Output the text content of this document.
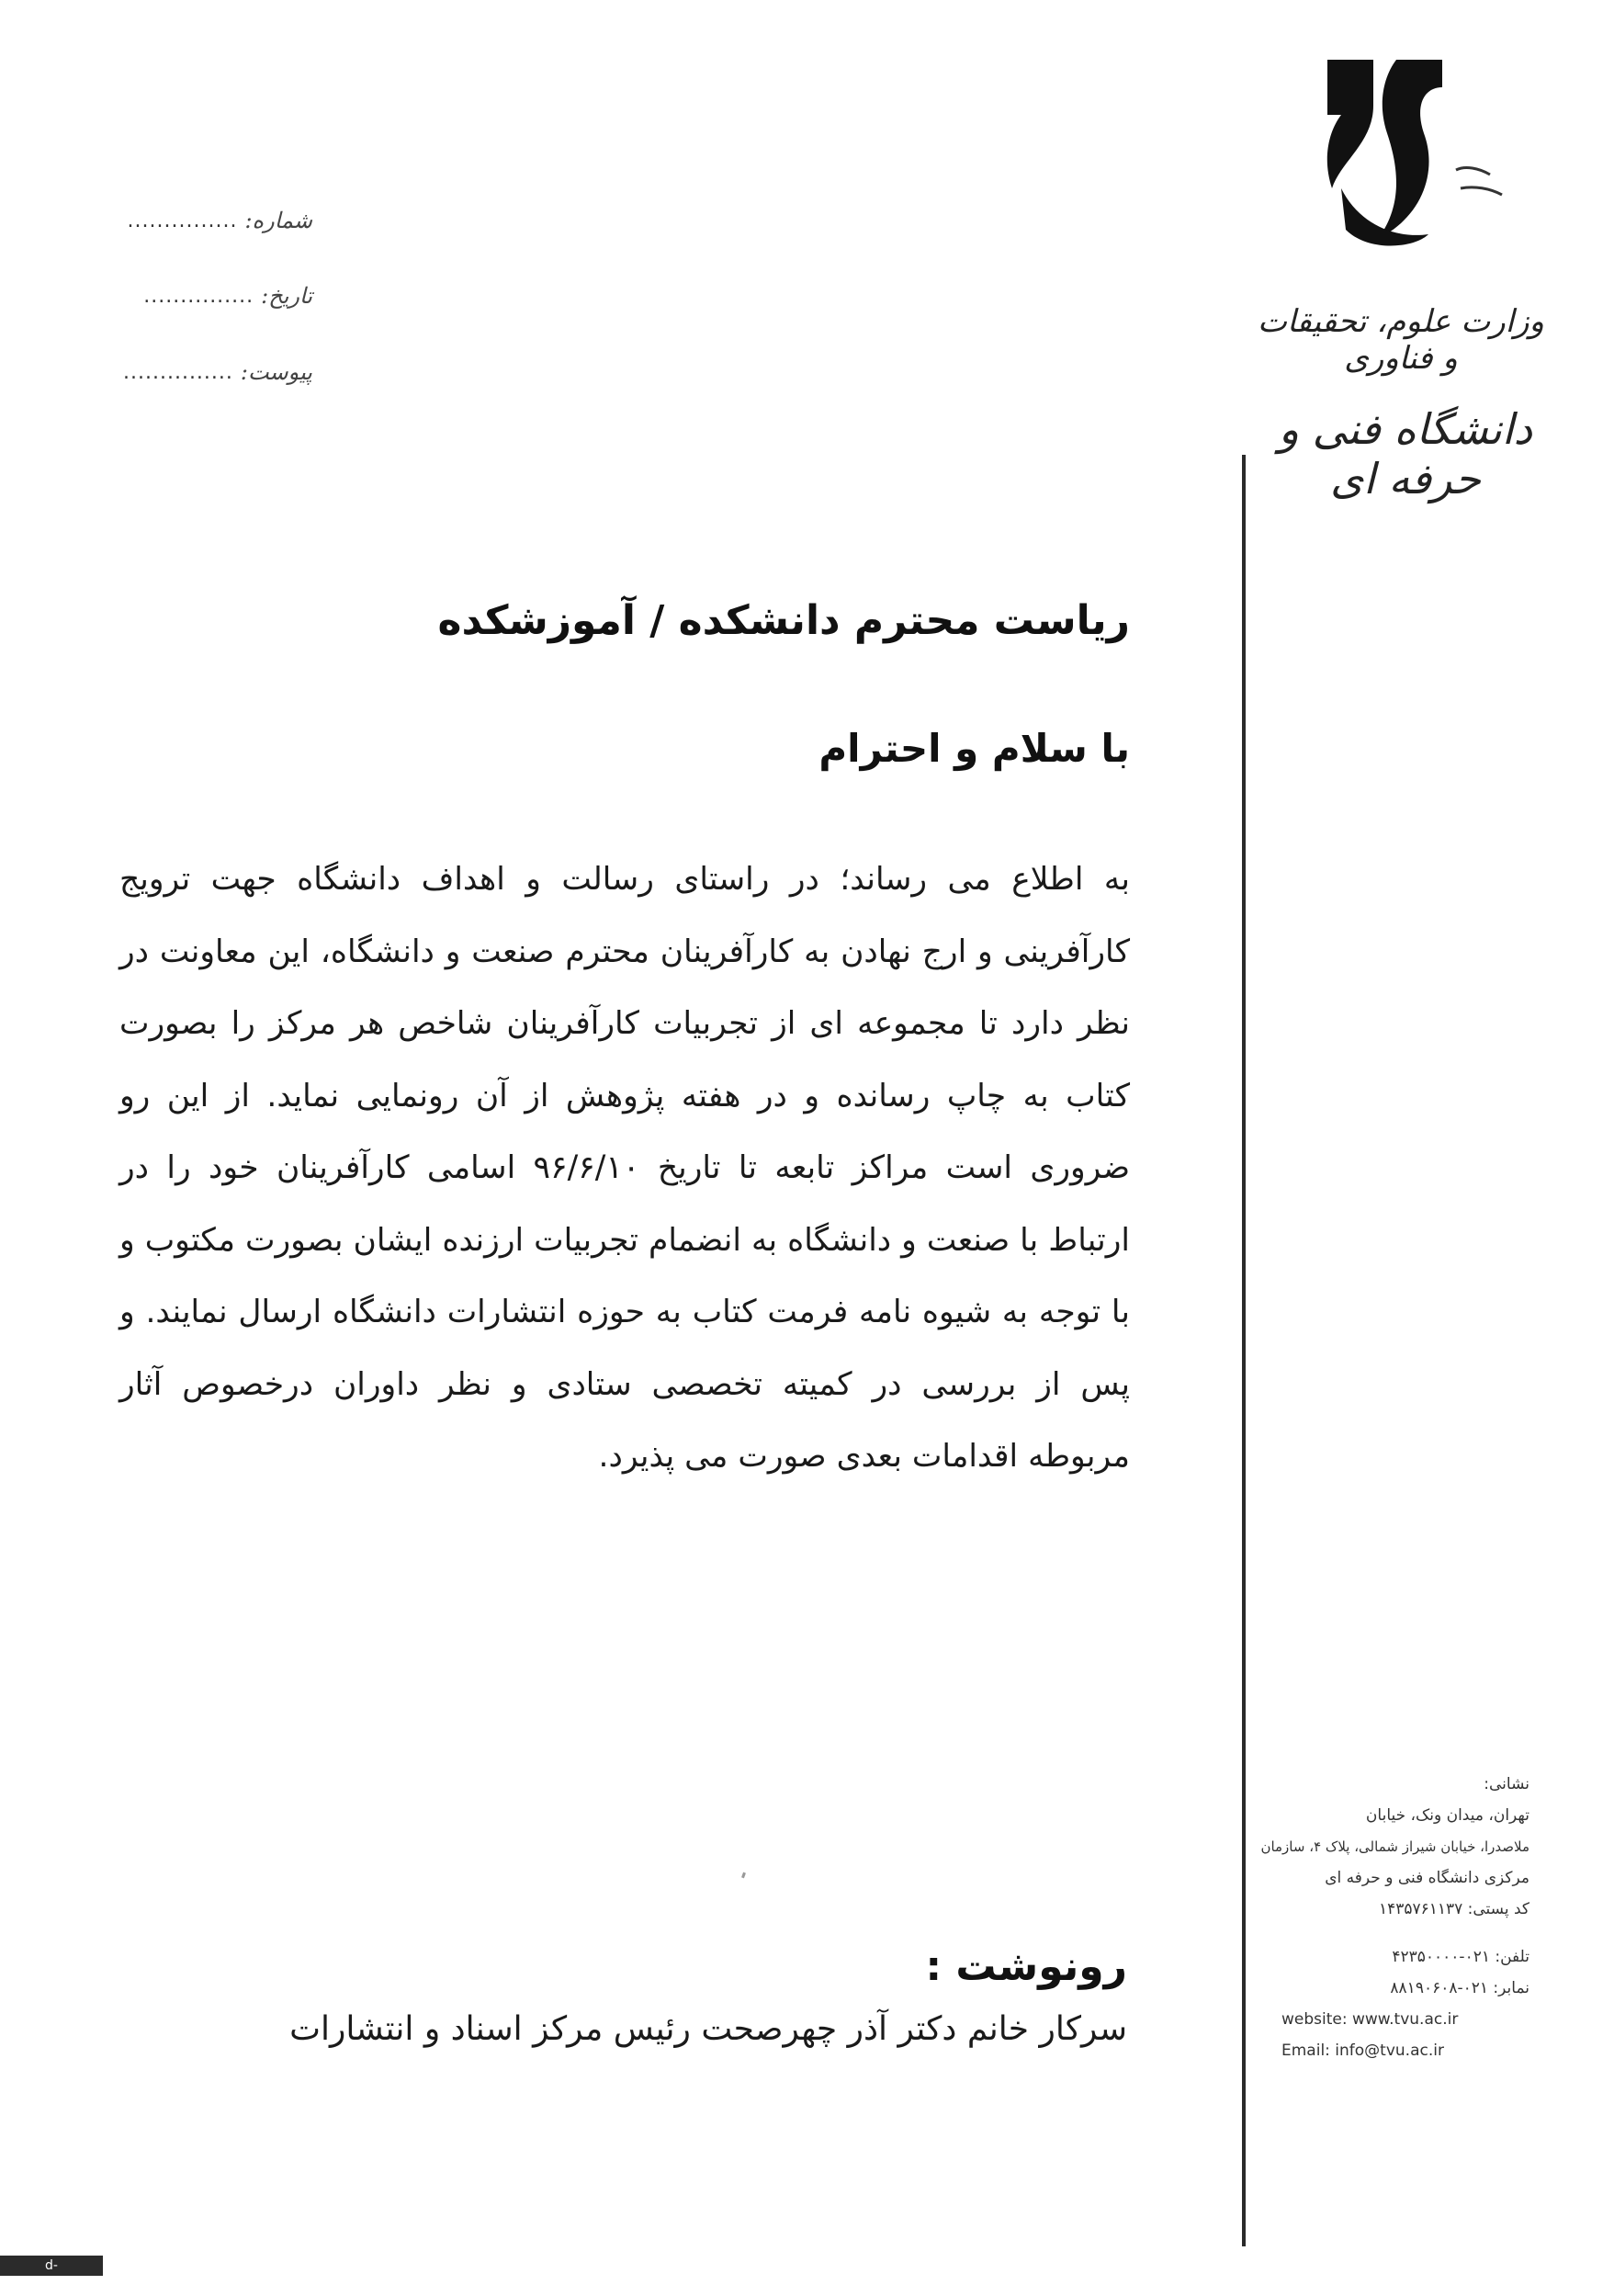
وزارت علوم، تحقیقات و فناوری
دانشگاه فنی و حرفه ای
شماره:
...............
تاریخ:
...............
پیوست:
...............
ریاست محترم دانشکده / آموزشکده
با سلام و احترام
به اطلاع می رساند؛ در راستای رسالت و اهداف دانشگاه جهت ترویج کارآفرینی و ارج نهادن به کارآفرینان محترم صنعت و دانشگاه، این معاونت در نظر دارد تا مجموعه ای از تجربیات کارآفرینان شاخص هر مرکز را بصورت کتاب به چاپ رسانده و در هفته پژوهش از آن رونمایی نماید. از این رو ضروری است مراکز تابعه تا تاریخ ۹۶/۶/۱۰ اسامی کارآفرینان خود را در ارتباط با صنعت و دانشگاه به انضمام تجربیات ارزنده ایشان بصورت مکتوب و با توجه به شیوه نامه فرمت کتاب به حوزه انتشارات دانشگاه ارسال نمایند. و پس از بررسی در کمیته تخصصی ستادی و نظر داوران درخصوص آثار مربوطه اقدامات بعدی صورت می پذیرد.
رونوشت :
سرکار خانم دکتر آذر چهرصحت رئیس مرکز اسناد و انتشارات
نشانی:
تهران، میدان ونک، خیابان
ملاصدرا، خیابان شیراز شمالی، پلاک ۴، سازمان
مرکزی دانشگاه فنی و حرفه ای
کد پستی: ۱۴۳۵۷۶۱۱۳۷
تلفن: ۰۲۱-۴۲۳۵۰۰۰۰
نمابر: ۰۲۱-۸۸۱۹۰۶۰۸
website: www.tvu.ac.ir
Email: info@tvu.ac.ir
d-kerman.tvu.ac.ir
